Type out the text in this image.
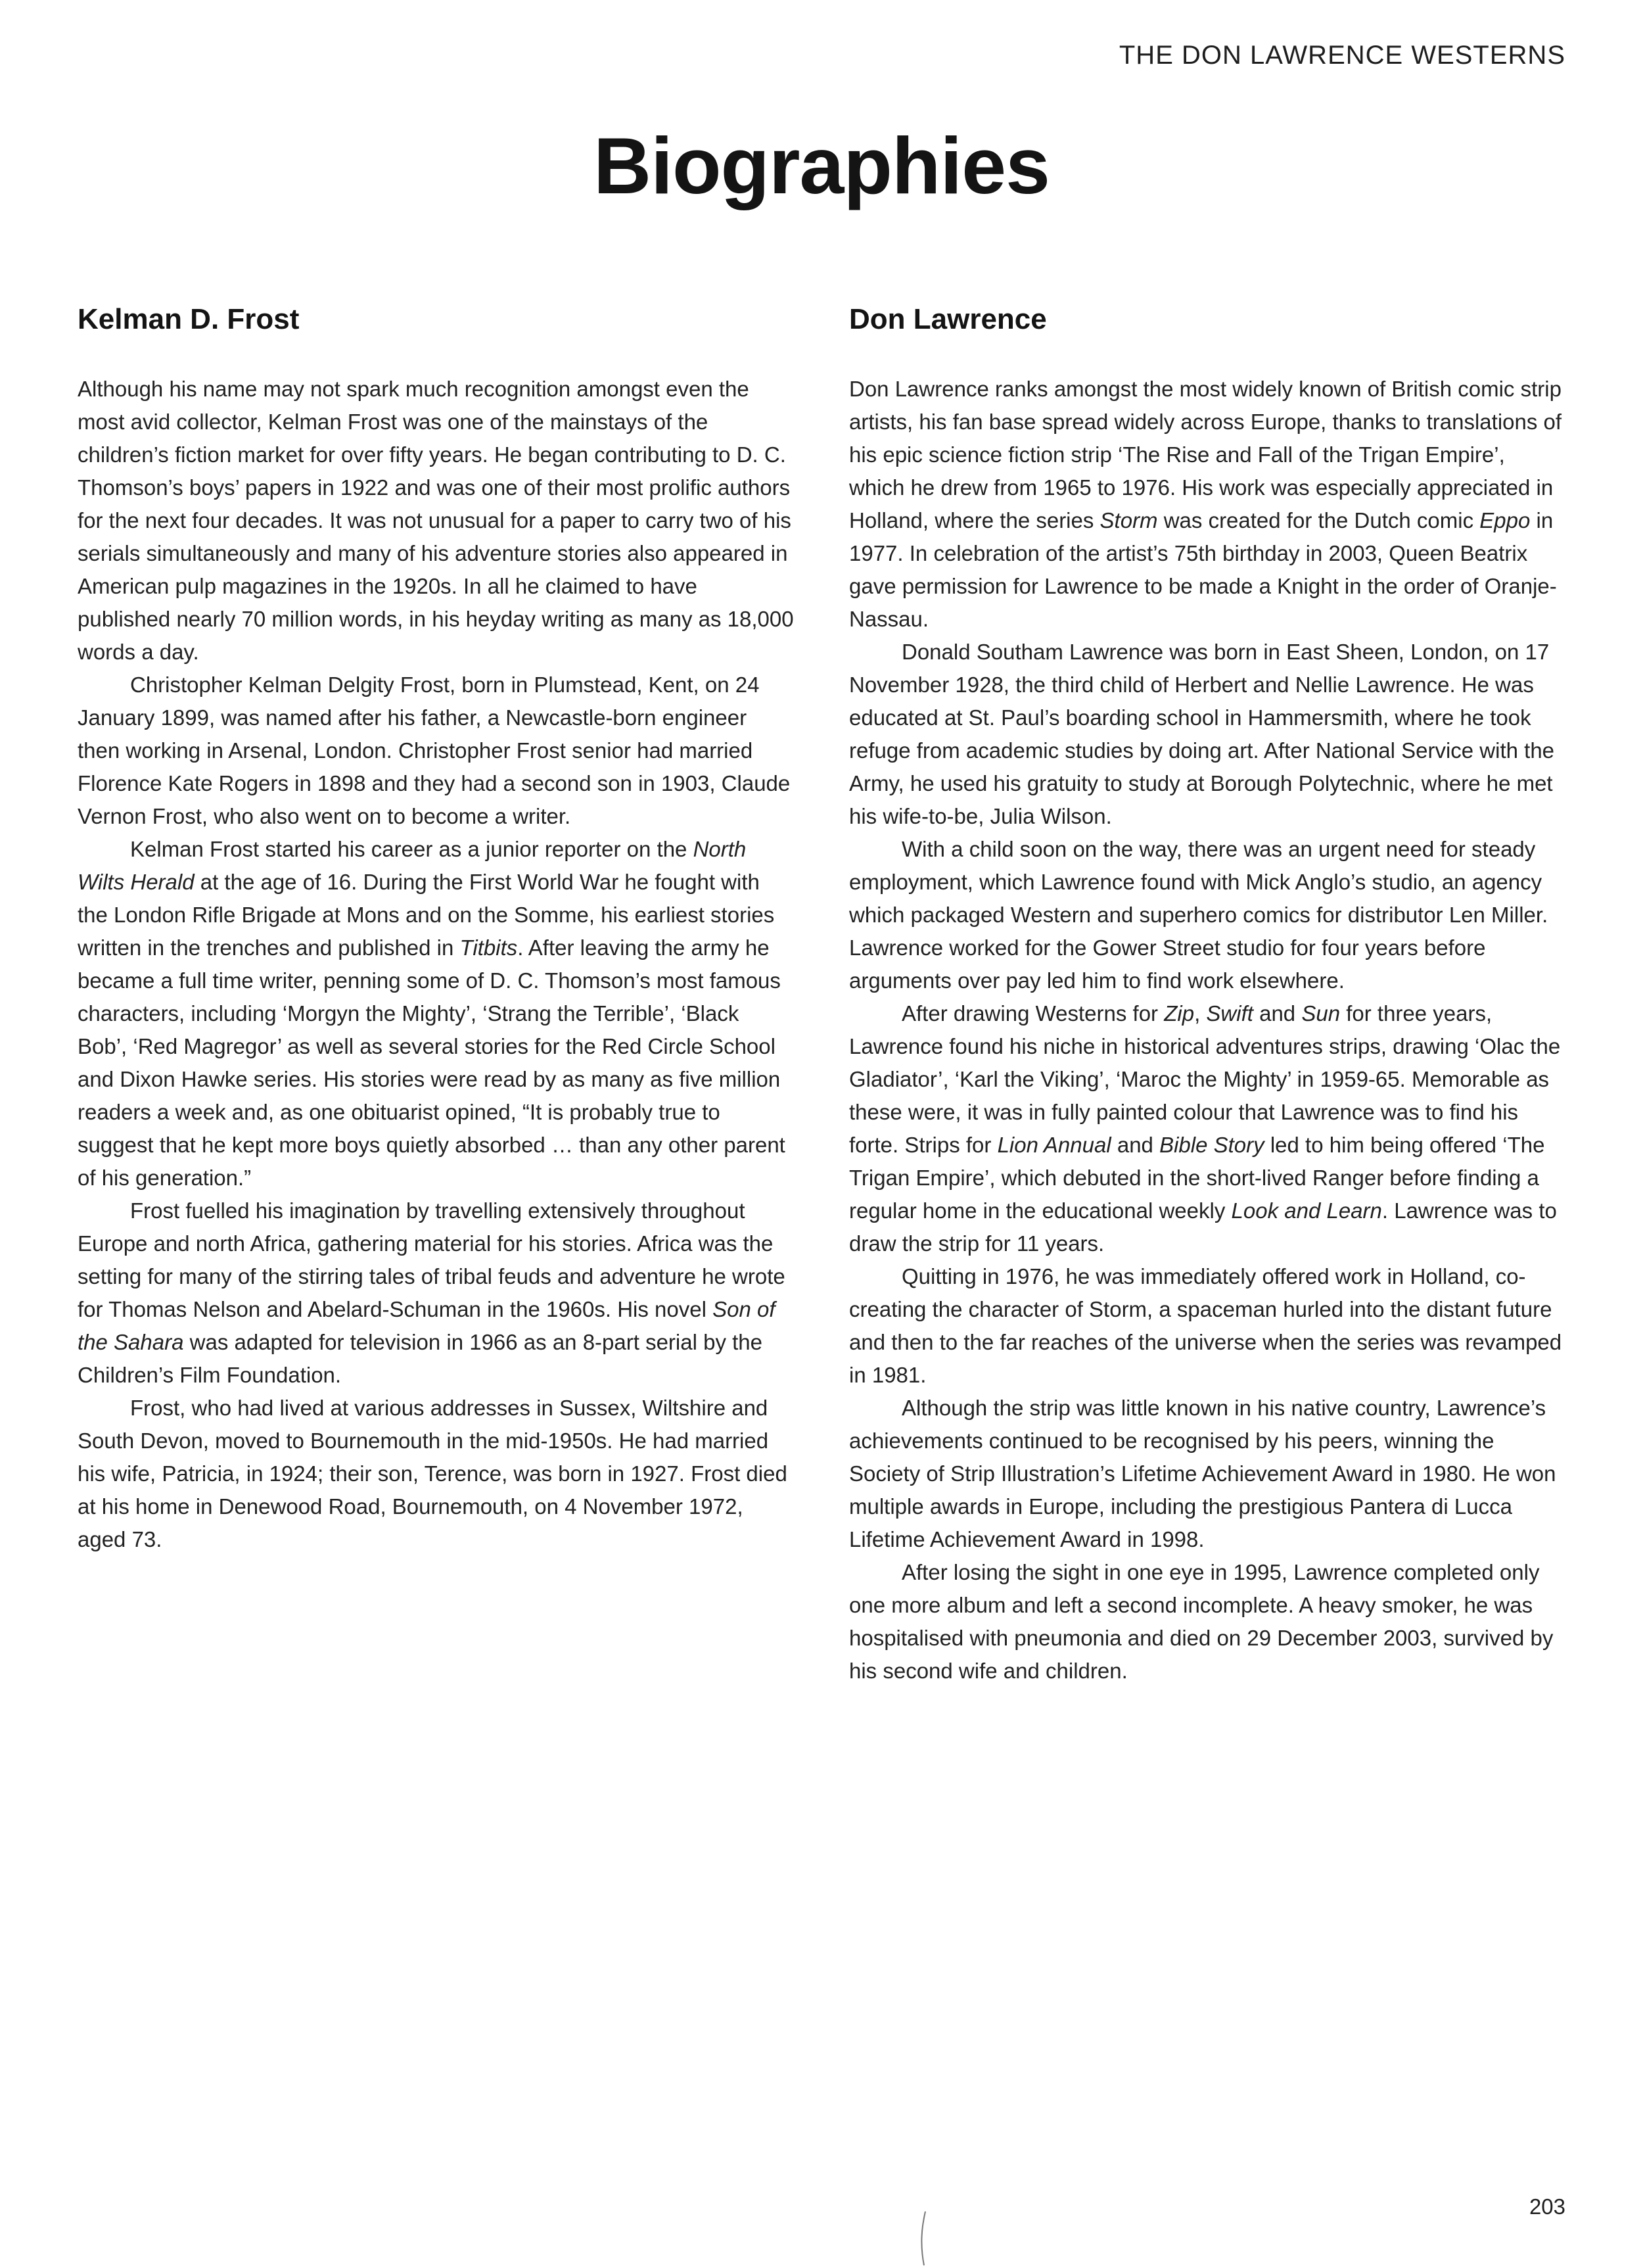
THE DON LAWRENCE WESTERNS

Biographies
Kelman D. Frost

Although his name may not spark much recognition amongst even the most avid collector, Kelman Frost was one of the mainstays of the children’s fiction market for over fifty years. He began contributing to D. C. Thomson’s boys’ papers in 1922 and was one of their most prolific authors for the next four decades. It was not unusual for a paper to carry two of his serials simultaneously and many of his adventure stories also appeared in American pulp magazines in the 1920s. In all he claimed to have published nearly 70 million words, in his heyday writing as many as 18,000 words a day.

Christopher Kelman Delgity Frost, born in Plumstead, Kent, on 24 January 1899, was named after his father, a Newcastle-born engineer then working in Arsenal, London. Christopher Frost senior had married Florence Kate Rogers in 1898 and they had a second son in 1903, Claude Vernon Frost, who also went on to become a writer.

Kelman Frost started his career as a junior reporter on the North Wilts Herald at the age of 16. During the First World War he fought with the London Rifle Brigade at Mons and on the Somme, his earliest stories written in the trenches and published in Titbits. After leaving the army he became a full time writer, penning some of D. C. Thomson’s most famous characters, including ‘Morgyn the Mighty’, ‘Strang the Terrible’, ‘Black Bob’, ‘Red Magregor’ as well as several stories for the Red Circle School and Dixon Hawke series. His stories were read by as many as five million readers a week and, as one obituarist opined, “It is probably true to suggest that he kept more boys quietly absorbed … than any other parent of his generation.”

Frost fuelled his imagination by travelling extensively throughout Europe and north Africa, gathering material for his stories. Africa was the setting for many of the stirring tales of tribal feuds and adventure he wrote for Thomas Nelson and Abelard-Schuman in the 1960s. His novel Son of the Sahara was adapted for television in 1966 as an 8-part serial by the Children’s Film Foundation.

Frost, who had lived at various addresses in Sussex, Wiltshire and South Devon, moved to Bournemouth in the mid-1950s. He had married his wife, Patricia, in 1924; their son, Terence, was born in 1927. Frost died at his home in Denewood Road, Bournemouth, on 4 November 1972, aged 73.

Don Lawrence

Don Lawrence ranks amongst the most widely known of British comic strip artists, his fan base spread widely across Europe, thanks to translations of his epic science fiction strip ‘The Rise and Fall of the Trigan Empire’, which he drew from 1965 to 1976. His work was especially appreciated in Holland, where the series Storm was created for the Dutch comic Eppo in 1977. In celebration of the artist’s 75th birthday in 2003, Queen Beatrix gave permission for Lawrence to be made a Knight in the order of Oranje-Nassau.

Donald Southam Lawrence was born in East Sheen, London, on 17 November 1928, the third child of Herbert and Nellie Lawrence. He was educated at St. Paul’s boarding school in Hammersmith, where he took refuge from academic studies by doing art. After National Service with the Army, he used his gratuity to study at Borough Polytechnic, where he met his wife-to-be, Julia Wilson.

With a child soon on the way, there was an urgent need for steady employment, which Lawrence found with Mick Anglo’s studio, an agency which packaged Western and superhero comics for distributor Len Miller. Lawrence worked for the Gower Street studio for four years before arguments over pay led him to find work elsewhere.

After drawing Westerns for Zip, Swift and Sun for three years, Lawrence found his niche in historical adventures strips, drawing ‘Olac the Gladiator’, ‘Karl the Viking’, ‘Maroc the Mighty’ in 1959-65. Memorable as these were, it was in fully painted colour that Lawrence was to find his forte. Strips for Lion Annual and Bible Story led to him being offered ‘The Trigan Empire’, which debuted in the short-lived Ranger before finding a regular home in the educational weekly Look and Learn. Lawrence was to draw the strip for 11 years.

Quitting in 1976, he was immediately offered work in Holland, co-creating the character of Storm, a spaceman hurled into the distant future and then to the far reaches of the universe when the series was revamped in 1981.

Although the strip was little known in his native country, Lawrence’s achievements continued to be recognised by his peers, winning the Society of Strip Illustration’s Lifetime Achievement Award in 1980. He won multiple awards in Europe, including the prestigious Pantera di Lucca Lifetime Achievement Award in 1998.

After losing the sight in one eye in 1995, Lawrence completed only one more album and left a second incomplete. A heavy smoker, he was hospitalised with pneumonia and died on 29 December 2003, survived by his second wife and children.

203
